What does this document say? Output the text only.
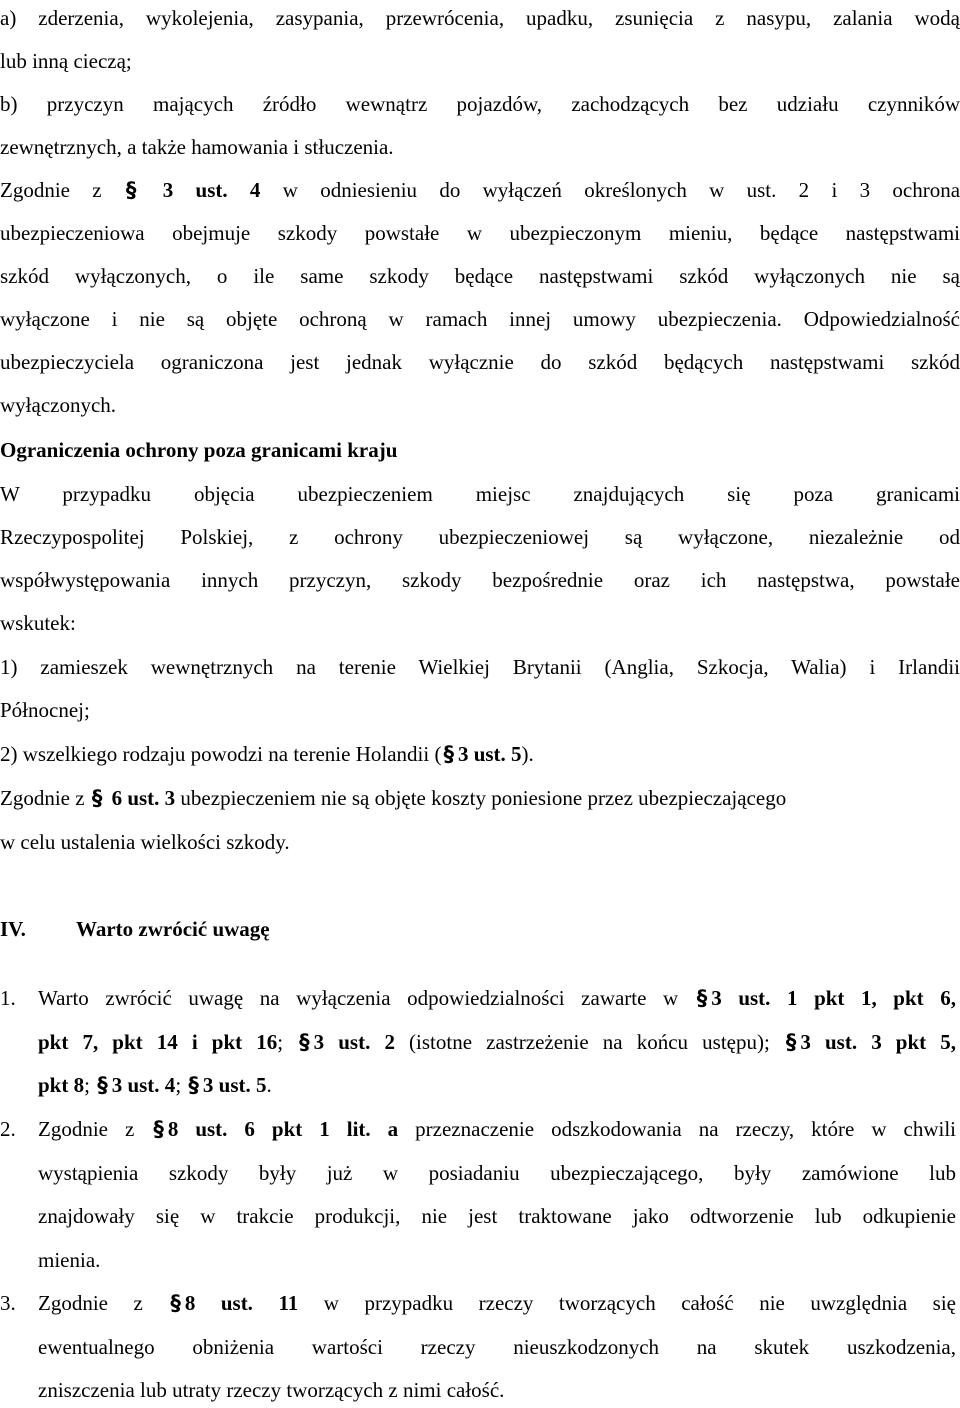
a) zderzenia, wykolejenia, zasypania, przewrócenia, upadku, zsunięcia z nasypu, zalania wodą
lub inną cieczą;
b) przyczyn mających źródło wewnątrz pojazdów, zachodzących bez udziału czynników
zewnętrznych, a także hamowania i stłuczenia.
Zgodnie z § 3 ust. 4 w odniesieniu do wyłączeń określonych w ust. 2 i 3 ochrona
ubezpieczeniowa obejmuje szkody powstałe w ubezpieczonym mieniu, będące następstwami
szkód wyłączonych, o ile same szkody będące następstwami szkód wyłączonych nie są
wyłączone i nie są objęte ochroną w ramach innej umowy ubezpieczenia. Odpowiedzialność
ubezpieczyciela ograniczona jest jednak wyłącznie do szkód będących następstwami szkód
wyłączonych.
Ograniczenia ochrony poza granicami kraju
W przypadku objęcia ubezpieczeniem miejsc znajdujących się poza granicami
Rzeczypospolitej Polskiej, z ochrony ubezpieczeniowej są wyłączone, niezależnie od
współwystępowania innych przyczyn, szkody bezpośrednie oraz ich następstwa, powstałe
wskutek:
1) zamieszek wewnętrznych na terenie Wielkiej Brytanii (Anglia, Szkocja, Walia) i Irlandii
Północnej;
2) wszelkiego rodzaju powodzi na terenie Holandii (§ 3 ust. 5).
Zgodnie z § 6 ust. 3 ubezpieczeniem nie są objęte koszty poniesione przez ubezpieczającego
w celu ustalenia wielkości szkody.
IV. Warto zwrócić uwagę
1.	Warto zwrócić uwagę na wyłączenia odpowiedzialności zawarte w § 3 ust. 1 pkt 1, pkt 6,
pkt 7, pkt 14 i pkt 16; § 3 ust. 2 (istotne zastrzeżenie na końcu ustępu); § 3 ust. 3 pkt 5,
pkt 8; § 3 ust. 4; § 3 ust. 5.
2.	Zgodnie z § 8 ust. 6 pkt 1 lit. a przeznaczenie odszkodowania na rzeczy, które w chwili
wystąpienia szkody były już w posiadaniu ubezpieczającego, były zamówione lub
znajdowały się w trakcie produkcji, nie jest traktowane jako odtworzenie lub odkupienie
mienia.
3.	Zgodnie z § 8 ust. 11 w przypadku rzeczy tworzących całość nie uwzględnia się
ewentualnego obniżenia wartości rzeczy nieuszkodzonych na skutek uszkodzenia,
zniszczenia lub utraty rzeczy tworzących z nimi całość.
